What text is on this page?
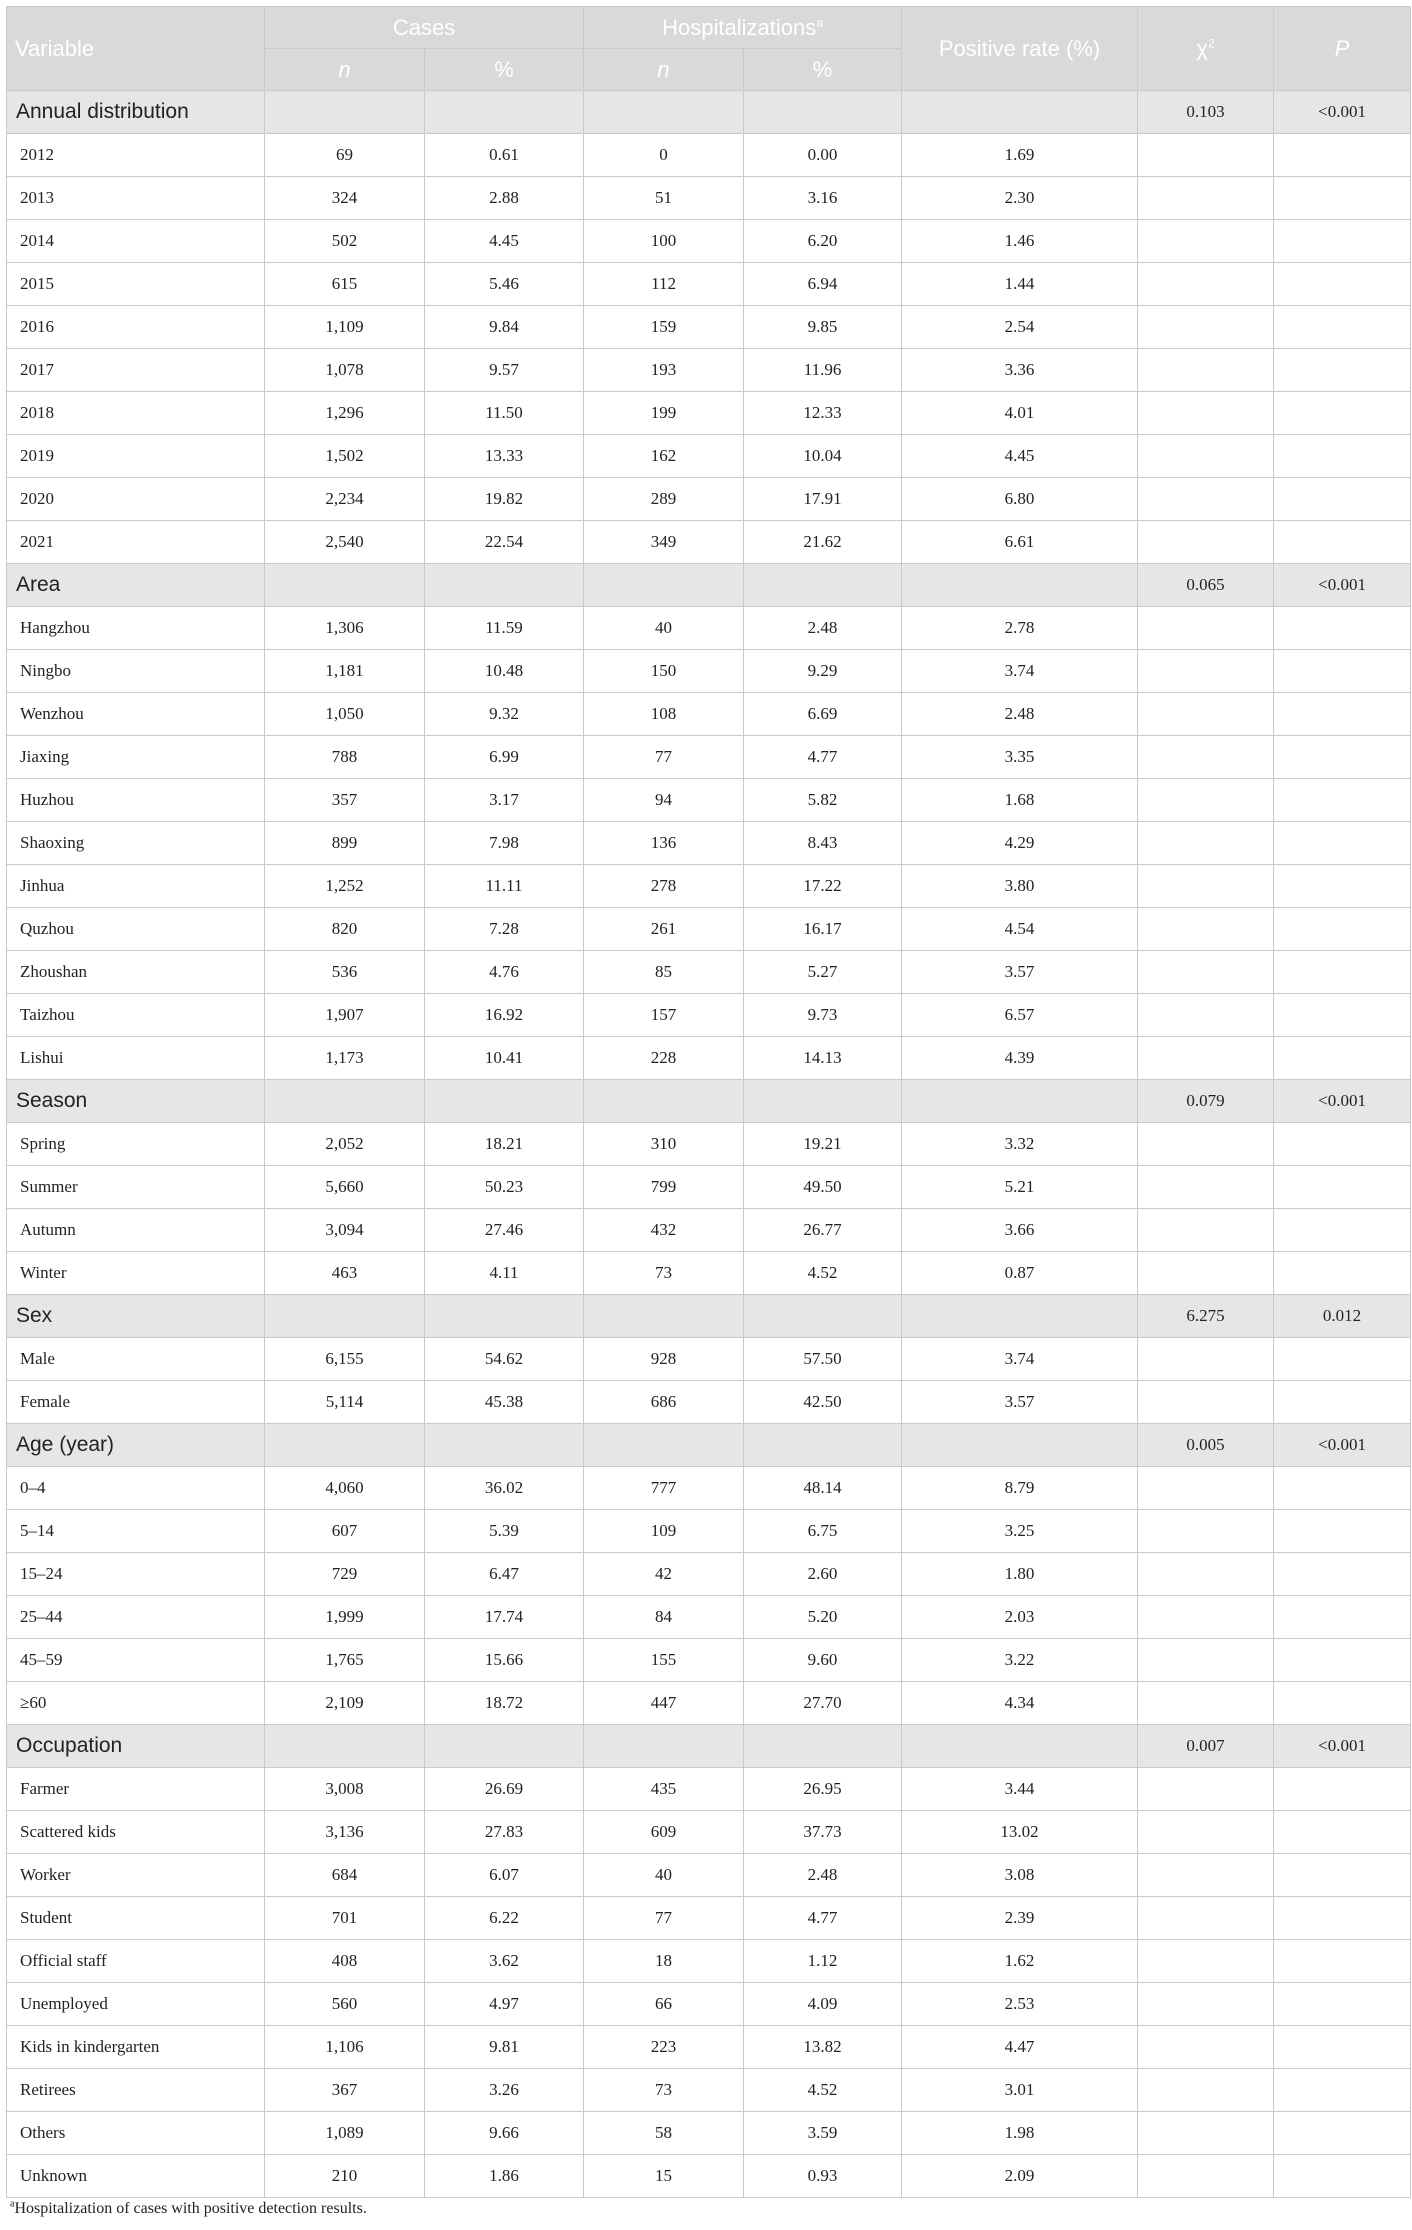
Variable	Cases		Hospitalizations$^a$		Positive rate (%)	$\chi^2$	P
	n	%	n	%			
Annual distribution						0.103	<0.001
2012	69	0.61	0	0.00	1.69		
2013	324	2.88	51	3.16	2.30		
2014	502	4.45	100	6.20	1.46		
2015	615	5.46	112	6.94	1.44		
2016	1,109	9.84	159	9.85	2.54		
2017	1,078	9.57	193	11.96	3.36		
2018	1,296	11.50	199	12.33	4.01		
2019	1,502	13.33	162	10.04	4.45		
2020	2,234	19.82	289	17.91	6.80		
2021	2,540	22.54	349	21.62	6.61		
Area						0.065	<0.001
Hangzhou	1,306	11.59	40	2.48	2.78		
Ningbo	1,181	10.48	150	9.29	3.74		
Wenzhou	1,050	9.32	108	6.69	2.48		
Jiaxing	788	6.99	77	4.77	3.35		
Huzhou	357	3.17	94	5.82	1.68		
Shaoxing	899	7.98	136	8.43	4.29		
Jinhua	1,252	11.11	278	17.22	3.80		
Quzhou	820	7.28	261	16.17	4.54		
Zhoushan	536	4.76	85	5.27	3.57		
Taizhou	1,907	16.92	157	9.73	6.57		
Lishui	1,173	10.41	228	14.13	4.39		
Season						0.079	<0.001
Spring	2,052	18.21	310	19.21	3.32		
Summer	5,660	50.23	799	49.50	5.21		
Autumn	3,094	27.46	432	26.77	3.66		
Winter	463	4.11	73	4.52	0.87		
Sex						6.275	0.012
Male	6,155	54.62	928	57.50	3.74		
Female	5,114	45.38	686	42.50	3.57		
Age (year)						0.005	<0.001
0–4	4,060	36.02	777	48.14	8.79		
5–14	607	5.39	109	6.75	3.25		
15–24	729	6.47	42	2.60	1.80		
25–44	1,999	17.74	84	5.20	2.03		
45–59	1,765	15.66	155	9.60	3.22		
≥60	2,109	18.72	447	27.70	4.34		
Occupation						0.007	<0.001
Farmer	3,008	26.69	435	26.95	3.44		
Scattered kids	3,136	27.83	609	37.73	13.02		
Worker	684	6.07	40	2.48	3.08		
Student	701	6.22	77	4.77	2.39		
Official staff	408	3.62	18	1.12	1.62		
Unemployed	560	4.97	66	4.09	2.53		
Kids in kindergarten	1,106	9.81	223	13.82	4.47		
Retirees	367	3.26	73	4.52	3.01		
Others	1,089	9.66	58	3.59	1.98		
Unknown	210	1.86	15	0.93	2.09		
$^a$Hospitalization of cases with positive detection results.
